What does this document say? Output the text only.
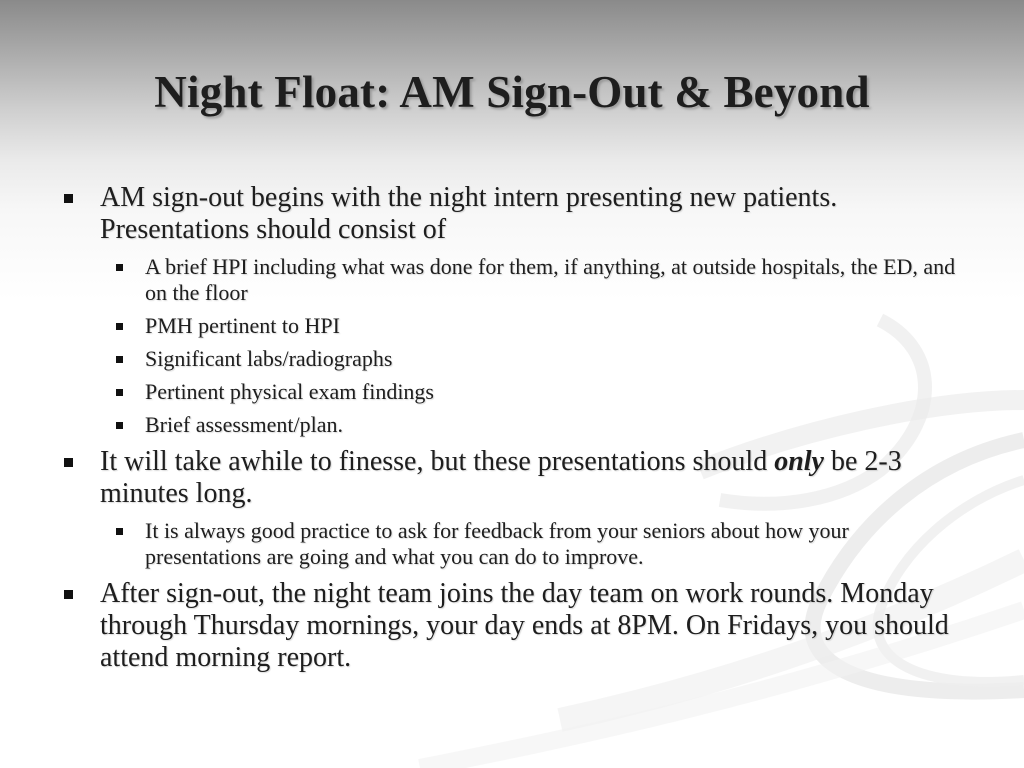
Night Float: AM Sign-Out & Beyond
AM sign-out begins with the night intern presenting new patients. Presentations should consist of
A brief HPI including what was done for them, if anything, at outside hospitals, the ED, and on the floor
PMH pertinent to HPI
Significant labs/radiographs
Pertinent physical exam findings
Brief assessment/plan.
It will take awhile to finesse, but these presentations should only be 2-3 minutes long.
It is always good practice to ask for feedback from your seniors about how your presentations are going and what you can do to improve.
After sign-out, the night team joins the day team on work rounds. Monday through Thursday mornings, your day ends at 8PM. On Fridays, you should attend morning report.
